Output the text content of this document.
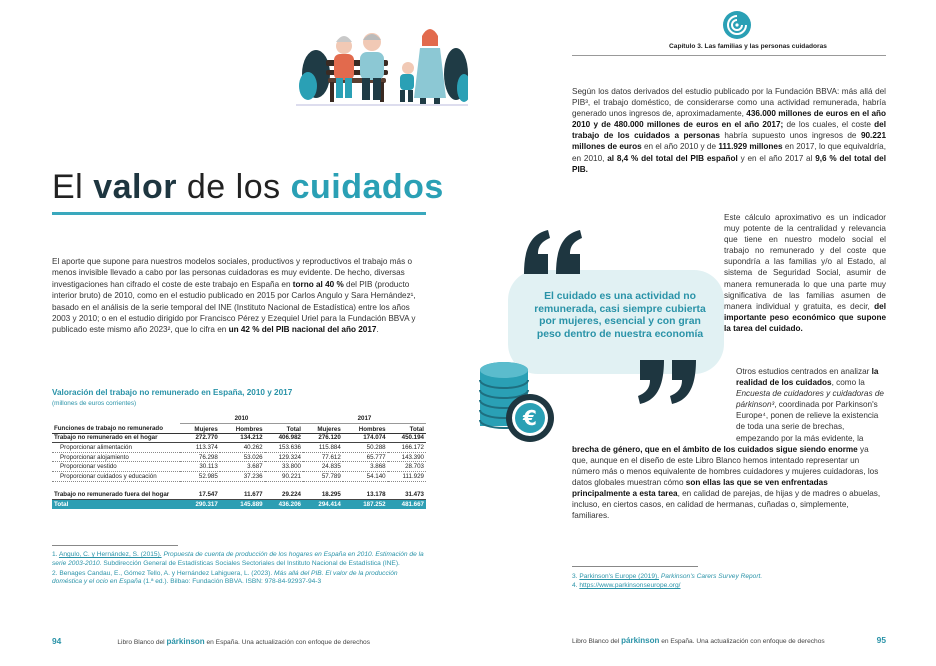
El valor de los cuidados

El aporte que supone para nuestros modelos sociales, productivos y reproductivos el trabajo más o menos invisible llevado a cabo por las personas cuidadoras es muy evidente. De hecho, diversas investigaciones han cifrado el coste de este trabajo en España en torno al 40 % del PIB (producto interior bruto) de 2010, como en el estudio publicado en 2015 por Carlos Angulo y Sara Hernández¹, basado en el análisis de la serie temporal del INE (Instituto Nacional de Estadística) entre los años 2003 y 2010; o en el estudio dirigido por Francisco Pérez y Ezequiel Uriel para la Fundación BBVA y publicado este mismo año 2023², que lo cifra en un 42 % del PIB nacional del año 2017.

Valoración del trabajo no remunerado en España, 2010 y 2017
(millones de euros corrientes)
Funciones de trabajo no remunerado	2010			2017		
	Mujeres	Hombres	Total	Mujeres	Hombres	Total
Trabajo no remunerado en el hogar	272.770	134.212	406.982	276.120	174.074	450.194
Proporcionar alimentación	113.374	40.262	153.636	115.884	50.288	166.172
Proporcionar alojamiento	76.298	53.026	129.324	77.612	65.777	143.390
Proporcionar vestido	30.113	3.687	33.800	24.835	3.868	28.703
Proporcionar cuidados y educación	52.985	37.236	90.221	57.789	54.140	111.929
Trabajo no remunerado fuera del hogar	17.547	11.677	29.224	18.295	13.178	31.473
Total	290.317	145.889	436.206	294.414	187.252	481.667

1. Angulo, C. y Hernández, S. (2015). Propuesta de cuenta de producción de los hogares en España en 2010. Estimación de la serie 2003-2010. Subdirección General de Estadísticas Sociales Sectoriales del Instituto Nacional de Estadística (INE).

2. Benages Candau, E., Gómez Tello, A. y Hernández Lahiguera, L. (2023). Más allá del PIB. El valor de la producción doméstica y el ocio en España (1.ª ed.). Bilbao: Fundación BBVA. ISBN: 978-84-92937-94-3

94	Libro Blanco del párkinson en España. Una actualización con enfoque de derechos
Capítulo 3. Las familias y las personas cuidadoras

Según los datos derivados del estudio publicado por la Fundación BBVA: más allá del PIB³, el trabajo doméstico, de considerarse como una actividad remunerada, habría generado unos ingresos de, aproximadamente, 436.000 millones de euros en el año 2010 y de 480.000 millones de euros en el año 2017; de los cuales, el coste del trabajo de los cuidados a personas habría supuesto unos ingresos de 90.221 millones de euros en el año 2010 y de 111.929 millones en 2017, lo que equivaldría, en 2010, al 8,4 % del total del PIB español y en el año 2017 al 9,6 % del total del PIB.

Este cálculo aproximativo es un indicador muy potente de la centralidad y relevancia que tiene en nuestro modelo social el trabajo no remunerado y del coste que supondría a las familias y/o al Estado, al sistema de Seguridad Social, asumir de manera remunerada lo que una parte muy significativa de las familias asumen de manera individual y gratuita, es decir, del importante peso económico que supone la tarea del cuidado.

El cuidado es una actividad no remunerada, casi siempre cubierta por mujeres, esencial y con gran peso dentro de nuestra economía
€

Otros estudios centrados en analizar la realidad de los cuidados, como la Encuesta de cuidadores y cuidadoras de párkinson³, coordinada por Parkinson's Europe⁴, ponen de relieve la existencia de toda una serie de brechas, empezando por la más evidente, la brecha de género, que en el ámbito de los cuidados sigue siendo enorme ya que, aunque en el diseño de este Libro Blanco hemos intentado representar un número más o menos equivalente de hombres cuidadores y mujeres cuidadoras, los datos globales muestran cómo son ellas las que se ven enfrentadas principalmente a esta tarea, en calidad de parejas, de hijas y de madres o abuelas, incluso, en ciertos casos, en calidad de hermanas, cuñadas o, simplemente, familiares.

3. Parkinson's Europe (2019). Parkinson's Carers Survey Report.

4. https://www.parkinsonseurope.org/

Libro Blanco del párkinson en España. Una actualización con enfoque de derechos	95
